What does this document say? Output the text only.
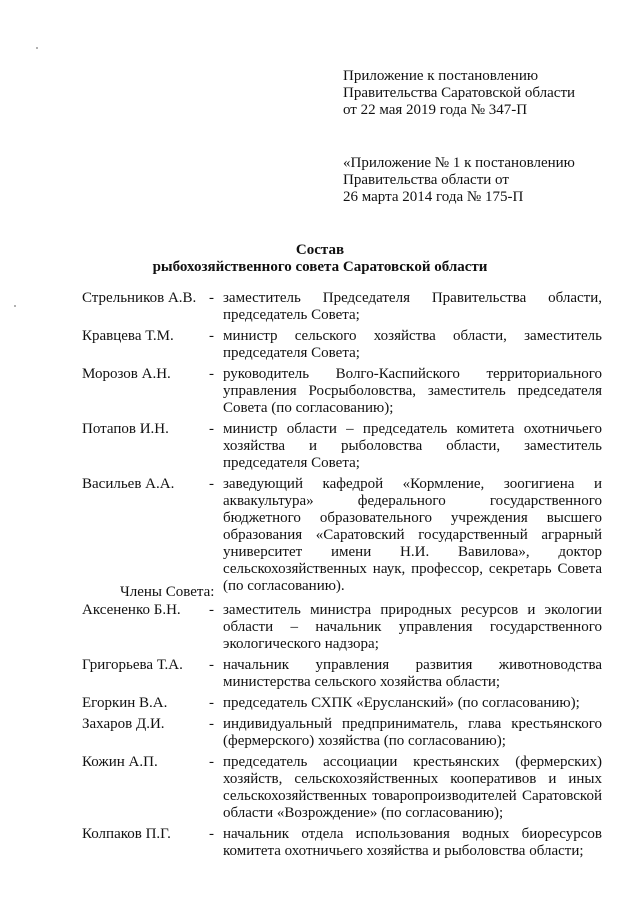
Приложение к постановлению
Правительства Саратовской области
от 22 мая 2019 года № 347-П
«Приложение № 1 к постановлению
Правительства области от
26 марта 2014 года № 175-П
Состав
рыбохозяйственного совета Саратовской области
Стрельников А.В. - заместитель Председателя Правительства области, председатель Совета;
Кравцева Т.М.	- министр сельского хозяйства области, заместитель председателя Совета;
Морозов А.Н.	- руководитель Волго-Каспийского территориального управления Росрыболовства, заместитель председателя Совета (по согласованию);
Потапов И.Н.	- министр области – председатель комитета охотничьего хозяйства и рыболовства области, заместитель председателя Совета;
Васильев А.А.	- заведующий кафедрой «Кормление, зоогигиена и аквакультура» федерального государственного бюджетного образовательного учреждения высшего образования «Саратовский государственный аграрный университет имени Н.И. Вавилова», доктор сельскохозяйственных наук, профессор, секретарь Совета (по согласованию).
Члены Совета:
Аксененко Б.Н.	- заместитель министра природных ресурсов и экологии области – начальник управления государственного экологического надзора;
Григорьева Т.А.	- начальник управления развития животноводства министерства сельского хозяйства области;
Егоркин В.А.	- председатель СХПК «Ерусланский» (по согласованию);
Захаров Д.И.	- индивидуальный предприниматель, глава крестьянского (фермерского) хозяйства (по согласованию);
Кожин А.П.	- председатель ассоциации крестьянских (фермерских) хозяйств, сельскохозяйственных кооперативов и иных сельскохозяйственных товаропроизводителей Саратовской области «Возрождение» (по согласованию);
Колпаков П.Г.	- начальник отдела использования водных биоресурсов комитета охотничьего хозяйства и рыболовства области;
